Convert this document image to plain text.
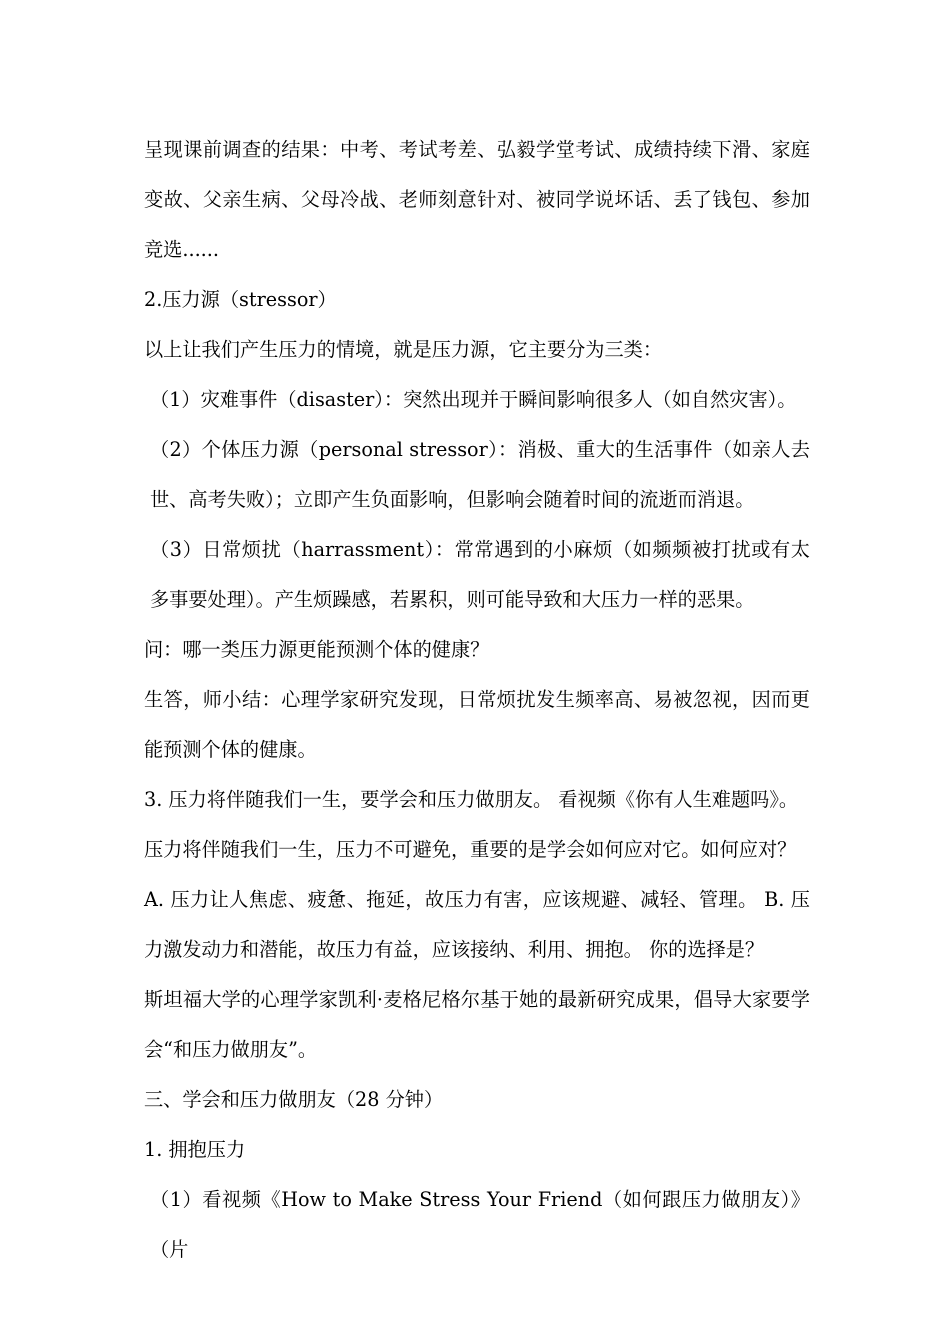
呈现课前调查的结果：中考、考试考差、弘毅学堂考试、成绩持续下滑、家庭变故、父亲生病、父母冷战、老师刻意针对、被同学说坏话、丢了钱包、参加竞选......

2.压力源（stressor）

以上让我们产生压力的情境，就是压力源，它主要分为三类：

（1）灾难事件（disaster）：突然出现并于瞬间影响很多人（如自然灾害）。

（2）个体压力源（personal stressor）：消极、重大的生活事件（如亲人去世、高考失败）；立即产生负面影响，但影响会随着时间的流逝而消退。

（3）日常烦扰（harrassment）：常常遇到的小麻烦（如频频被打扰或有太多事要处理）。产生烦躁感，若累积，则可能导致和大压力一样的恶果。

问：哪一类压力源更能预测个体的健康？

生答，师小结：心理学家研究发现，日常烦扰发生频率高、易被忽视，因而更能预测个体的健康。

3. 压力将伴随我们一生，要学会和压力做朋友。 看视频《你有人生难题吗》。

压力将伴随我们一生，压力不可避免，重要的是学会如何应对它。如何应对？

A. 压力让人焦虑、疲惫、拖延，故压力有害，应该规避、减轻、管理。 B. 压力激发动力和潜能，故压力有益，应该接纳、利用、拥抱。 你的选择是？

斯坦福大学的心理学家凯利·麦格尼格尔基于她的最新研究成果，倡导大家要学会“和压力做朋友”。

三、学会和压力做朋友（28 分钟）

1. 拥抱压力

（1）看视频《How to Make Stress Your Friend（如何跟压力做朋友）》（片
